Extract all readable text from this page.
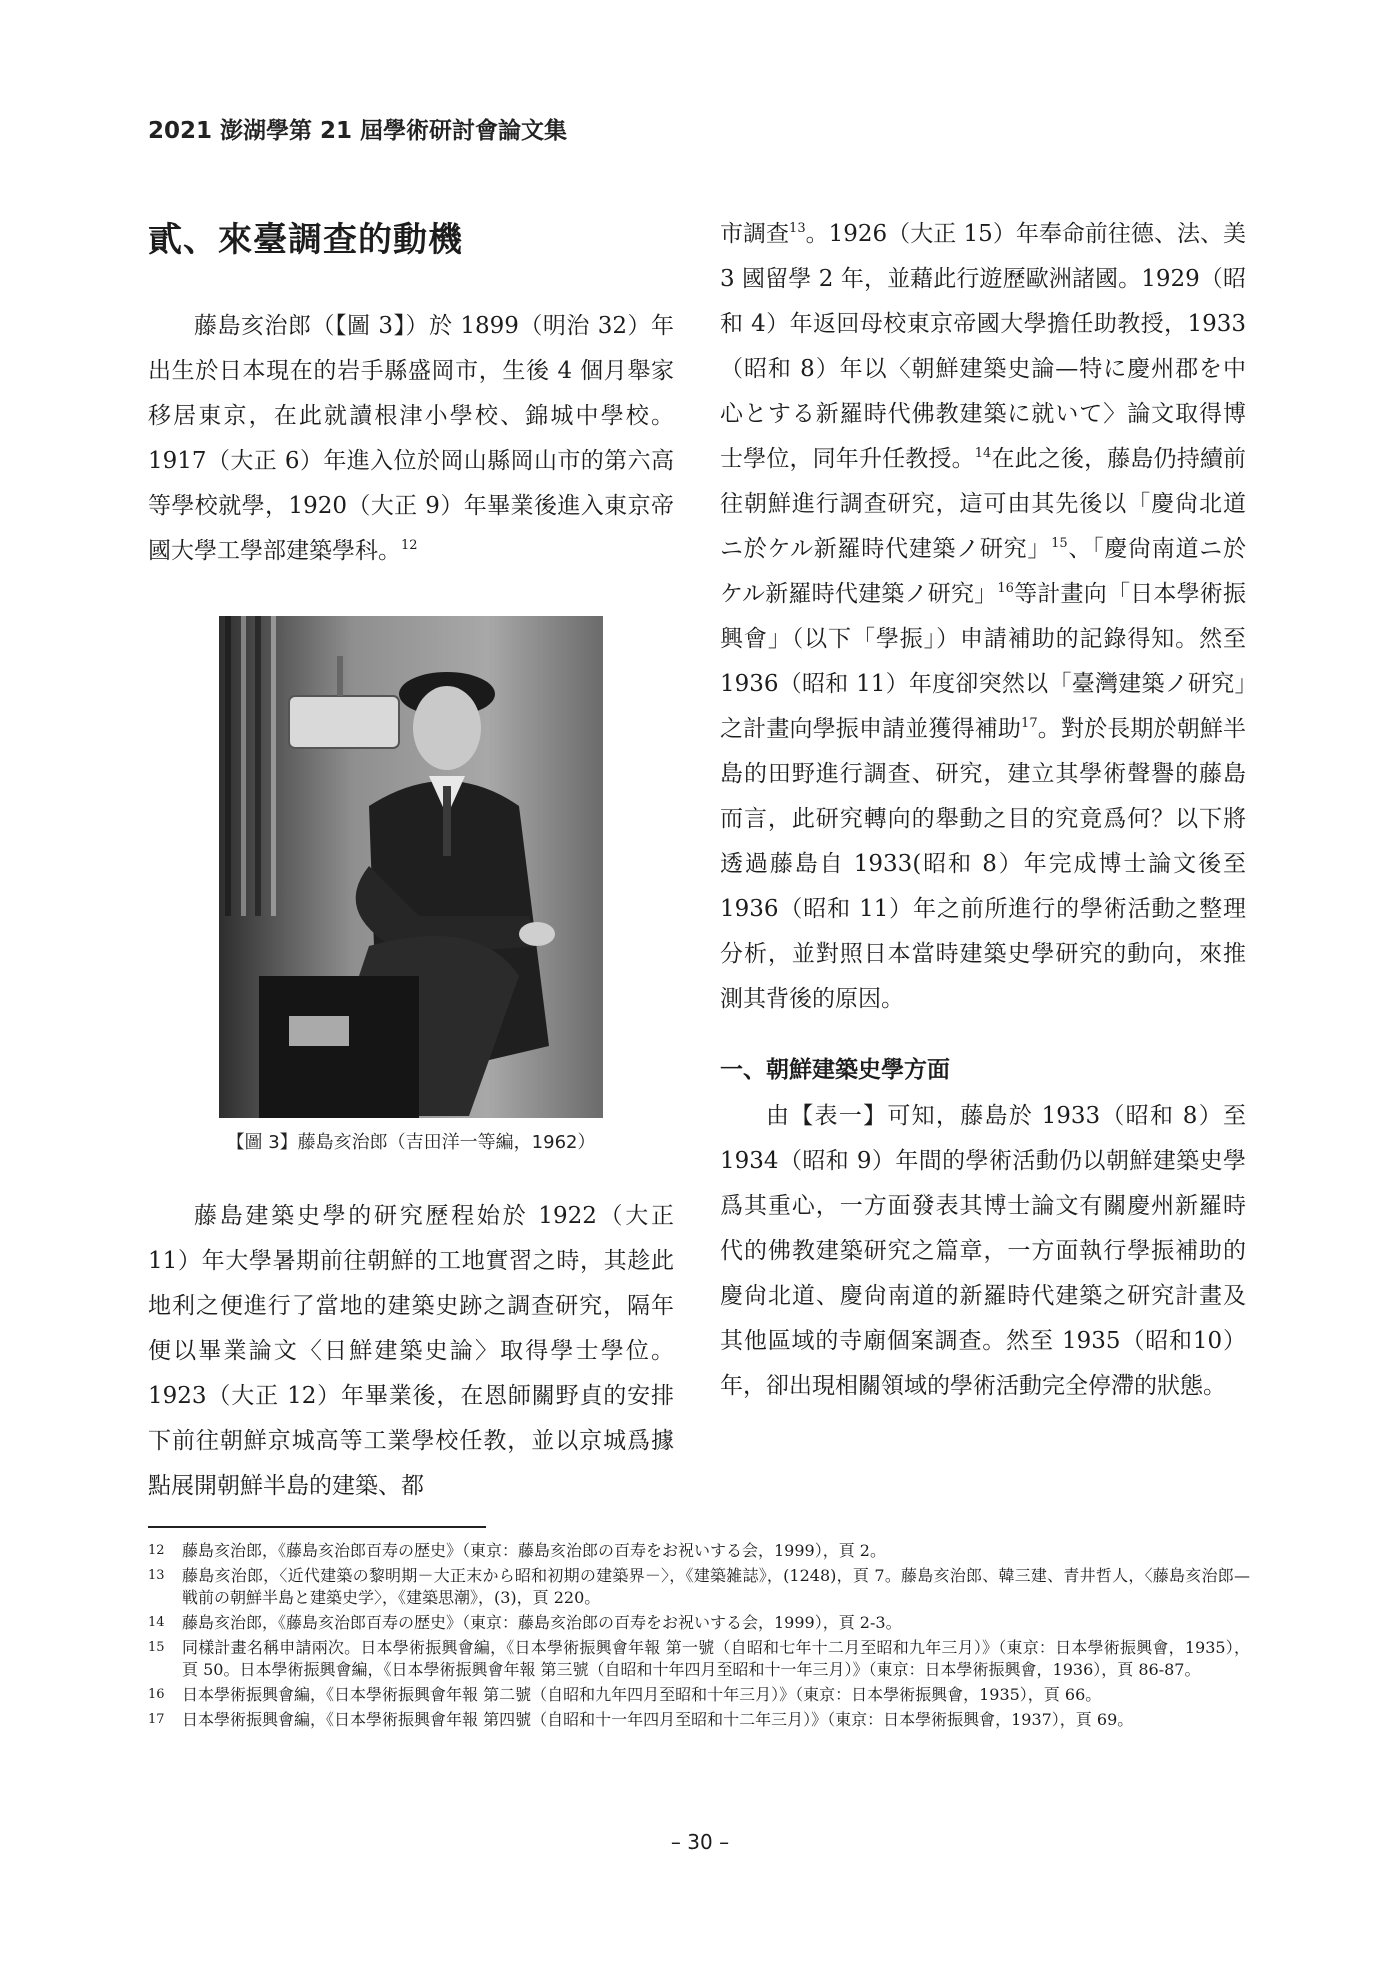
2021 澎湖學第 21 屆學術研討會論文集
貳、來臺調查的動機

藤島亥治郎（【圖 3】）於 1899（明治 32）年出生於日本現在的岩手縣盛岡市，生後 4 個月舉家移居東京，在此就讀根津小學校、錦城中學校。1917（大正 6）年進入位於岡山縣岡山市的第六高等學校就學，1920（大正 9）年畢業後進入東京帝國大學工學部建築學科。$^{12}$

【圖 3】藤島亥治郎（吉田洋一等編，1962）

藤島建築史學的研究歷程始於 1922（大正 11）年大學暑期前往朝鮮的工地實習之時，其趁此地利之便進行了當地的建築史跡之調查研究，隔年便以畢業論文〈日鮮建築史論〉取得學士學位。1923（大正 12）年畢業後，在恩師關野貞的安排下前往朝鮮京城高等工業學校任教，並以京城爲據點展開朝鮮半島的建築、都

市調查$^{13}$。1926（大正 15）年奉命前往德、法、美 3 國留學 2 年，並藉此行遊歷歐洲諸國。1929（昭和 4）年返回母校東京帝國大學擔任助教授，1933（昭和 8）年以〈朝鮮建築史論—特に慶州郡を中心とする新羅時代佛教建築に就いて〉論文取得博士學位，同年升任教授。$^{14}$在此之後，藤島仍持續前往朝鮮進行調查研究，這可由其先後以「慶尙北道ニ於ケル新羅時代建築ノ研究」$^{15}$、「慶尙南道ニ於ケル新羅時代建築ノ研究」$^{16}$等計畫向「日本學術振興會」（以下「學振」）申請補助的記錄得知。然至 1936（昭和 11）年度卻突然以「臺灣建築ノ研究」之計畫向學振申請並獲得補助$^{17}$。對於長期於朝鮮半島的田野進行調查、研究，建立其學術聲譽的藤島而言，此研究轉向的舉動之目的究竟爲何？以下將透過藤島自 1933(昭和 8）年完成博士論文後至 1936（昭和 11）年之前所進行的學術活動之整理分析，並對照日本當時建築史學研究的動向，來推測其背後的原因。

一、朝鮮建築史學方面

由【表一】可知，藤島於 1933（昭和 8）至 1934（昭和 9）年間的學術活動仍以朝鮮建築史學爲其重心，一方面發表其博士論文有關慶州新羅時代的佛教建築研究之篇章，一方面執行學振補助的慶尙北道、慶尙南道的新羅時代建築之研究計畫及其他區域的寺廟個案調查。然至 1935（昭和10）年，卻出現相關領域的學術活動完全停滯的狀態。

12	藤島亥治郎，《藤島亥治郎百寿の歴史》（東京：藤島亥治郎の百寿をお祝いする会，1999），頁 2。
13	藤島亥治郎，〈近代建築の黎明期－大正末から昭和初期の建築界－〉，《建築雑誌》，(1248)，頁 7。藤島亥治郎、韓三建、青井哲人，〈藤島亥治郎—戦前の朝鮮半島と建築史学〉，《建築思潮》，(3)，頁 220。
14	藤島亥治郎，《藤島亥治郎百寿の歴史》（東京：藤島亥治郎の百寿をお祝いする会，1999），頁 2-3。
15	同樣計畫名稱申請兩次。日本學術振興會編，《日本學術振興會年報 第一號（自昭和七年十二月至昭和九年三月）》（東京：日本學術振興會，1935），頁 50。日本學術振興會編，《日本學術振興會年報 第三號（自昭和十年四月至昭和十一年三月）》（東京：日本學術振興會，1936），頁 86-87。
16	日本學術振興會編，《日本學術振興會年報 第二號（自昭和九年四月至昭和十年三月）》（東京：日本學術振興會，1935），頁 66。
17	日本學術振興會編，《日本學術振興會年報 第四號（自昭和十一年四月至昭和十二年三月）》（東京：日本學術振興會，1937），頁 69。
– 30 –
